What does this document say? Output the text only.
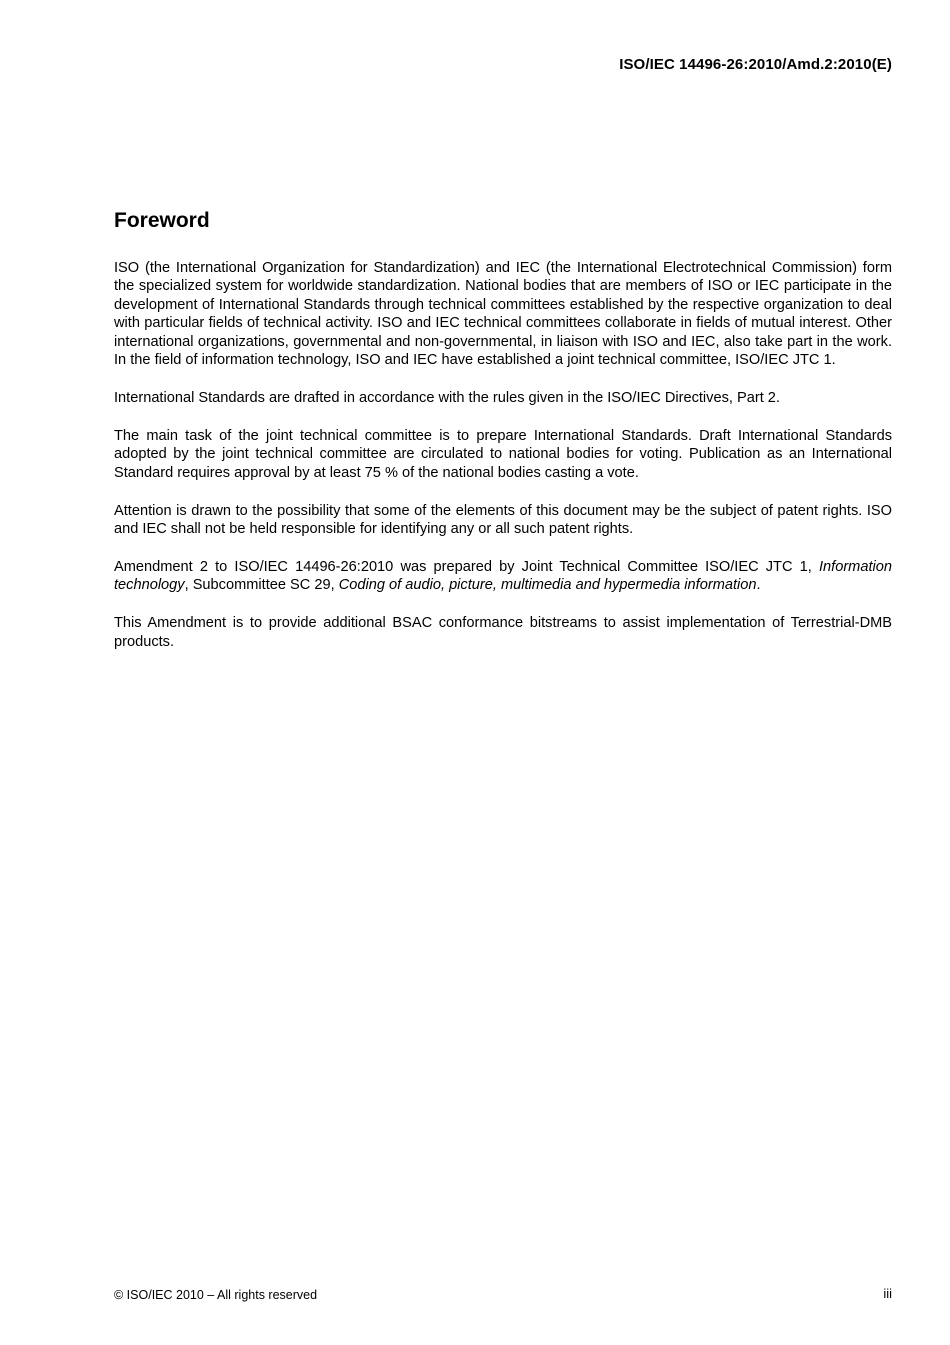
ISO/IEC 14496-26:2010/Amd.2:2010(E)
Foreword

ISO (the International Organization for Standardization) and IEC (the International Electrotechnical Commission) form the specialized system for worldwide standardization. National bodies that are members of ISO or IEC participate in the development of International Standards through technical committees established by the respective organization to deal with particular fields of technical activity. ISO and IEC technical committees collaborate in fields of mutual interest. Other international organizations, governmental and non-governmental, in liaison with ISO and IEC, also take part in the work. In the field of information technology, ISO and IEC have established a joint technical committee, ISO/IEC JTC 1.

International Standards are drafted in accordance with the rules given in the ISO/IEC Directives, Part 2.

The main task of the joint technical committee is to prepare International Standards. Draft International Standards adopted by the joint technical committee are circulated to national bodies for voting. Publication as an International Standard requires approval by at least 75 % of the national bodies casting a vote.

Attention is drawn to the possibility that some of the elements of this document may be the subject of patent rights. ISO and IEC shall not be held responsible for identifying any or all such patent rights.

Amendment 2 to ISO/IEC 14496-26:2010 was prepared by Joint Technical Committee ISO/IEC JTC 1, Information technology, Subcommittee SC 29, Coding of audio, picture, multimedia and hypermedia information.

This Amendment is to provide additional BSAC conformance bitstreams to assist implementation of Terrestrial-DMB products.

© ISO/IEC 2010 – All rights reserved	iii
